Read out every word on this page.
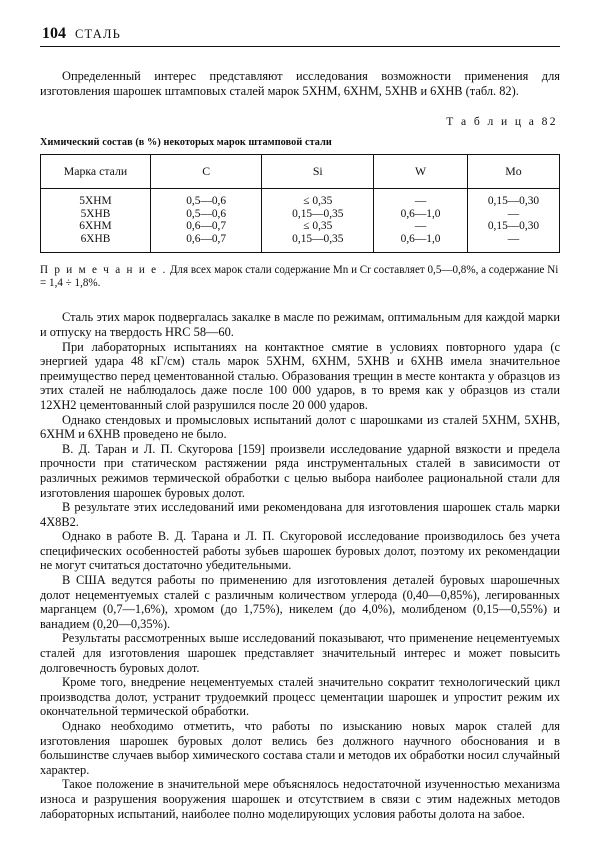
104 СТАЛЬ

Определенный интерес представляют исследования возможности применения для изготовления шарошек штамповых сталей марок 5ХНМ, 6ХНМ, 5ХНВ и 6ХНВ (табл. 82).

Т а б л и ц а 82
Химический состав (в %) некоторых марок штамповой стали
Марка стали	C	Si	W	Mo
5ХНМ	0,5—0,6	≤ 0,35	—	0,15—0,30
5ХНВ	0,5—0,6	0,15—0,35	0,6—1,0	—
6ХНМ	0,6—0,7	≤ 0,35	—	0,15—0,30
6ХНВ	0,6—0,7	0,15—0,35	0,6—1,0	—
П р и м е ч а н и е . Для всех марок стали содержание Mn и Cr составляет 0,5—0,8%, а содержание Ni = 1,4 ÷ 1,8%.

Сталь этих марок подвергалась закалке в масле по режимам, оптимальным для каждой марки и отпуску на твердость HRC 58—60.

При лабораторных испытаниях на контактное смятие в условиях повторного удара (с энергией удара 48 кГ/см) сталь марок 5ХНМ, 6ХНМ, 5ХНВ и 6ХНВ имела значительное преимущество перед цементованной сталью. Образования трещин в месте контакта у образцов из этих сталей не наблюдалось даже после 100 000 ударов, в то время как у образцов из стали 12ХН2 цементованный слой разрушился после 20 000 ударов.

Однако стендовых и промысловых испытаний долот с шарошками из сталей 5ХНМ, 5ХНВ, 6ХНМ и 6ХНВ проведено не было.

В. Д. Таран и Л. П. Скугорова [159] произвели исследование ударной вязкости и предела прочности при статическом растяжении ряда инструментальных сталей в зависимости от различных режимов термической обработки с целью выбора наиболее рациональной стали для изготовления шарошек буровых долот.

В результате этих исследований ими рекомендована для изготовления шарошек сталь марки 4Х8В2.

Однако в работе В. Д. Тарана и Л. П. Скугоровой исследование производилось без учета специфических особенностей работы зубьев шарошек буровых долот, поэтому их рекомендации не могут считаться достаточно убедительными.

В США ведутся работы по применению для изготовления деталей буровых шарошечных долот нецементуемых сталей с различным количеством углерода (0,40—0,85%), легированных марганцем (0,7—1,6%), хромом (до 1,75%), никелем (до 4,0%), молибденом (0,15—0,55%) и ванадием (0,20—0,35%).

Результаты рассмотренных выше исследований показывают, что применение нецементуемых сталей для изготовления шарошек представляет значительный интерес и может повысить долговечность буровых долот.

Кроме того, внедрение нецементуемых сталей значительно сократит технологический цикл производства долот, устранит трудоемкий процесс цементации шарошек и упростит режим их окончательной термической обработки.

Однако необходимо отметить, что работы по изысканию новых марок сталей для изготовления шарошек буровых долот велись без должного научного обоснования и в большинстве случаев выбор химического состава стали и методов их обработки носил случайный характер.

Такое положение в значительной мере объяснялось недостаточной изученностью механизма износа и разрушения вооружения шарошек и отсутствием в связи с этим надежных методов лабораторных испытаний, наиболее полно моделирующих условия работы долота на забое.
